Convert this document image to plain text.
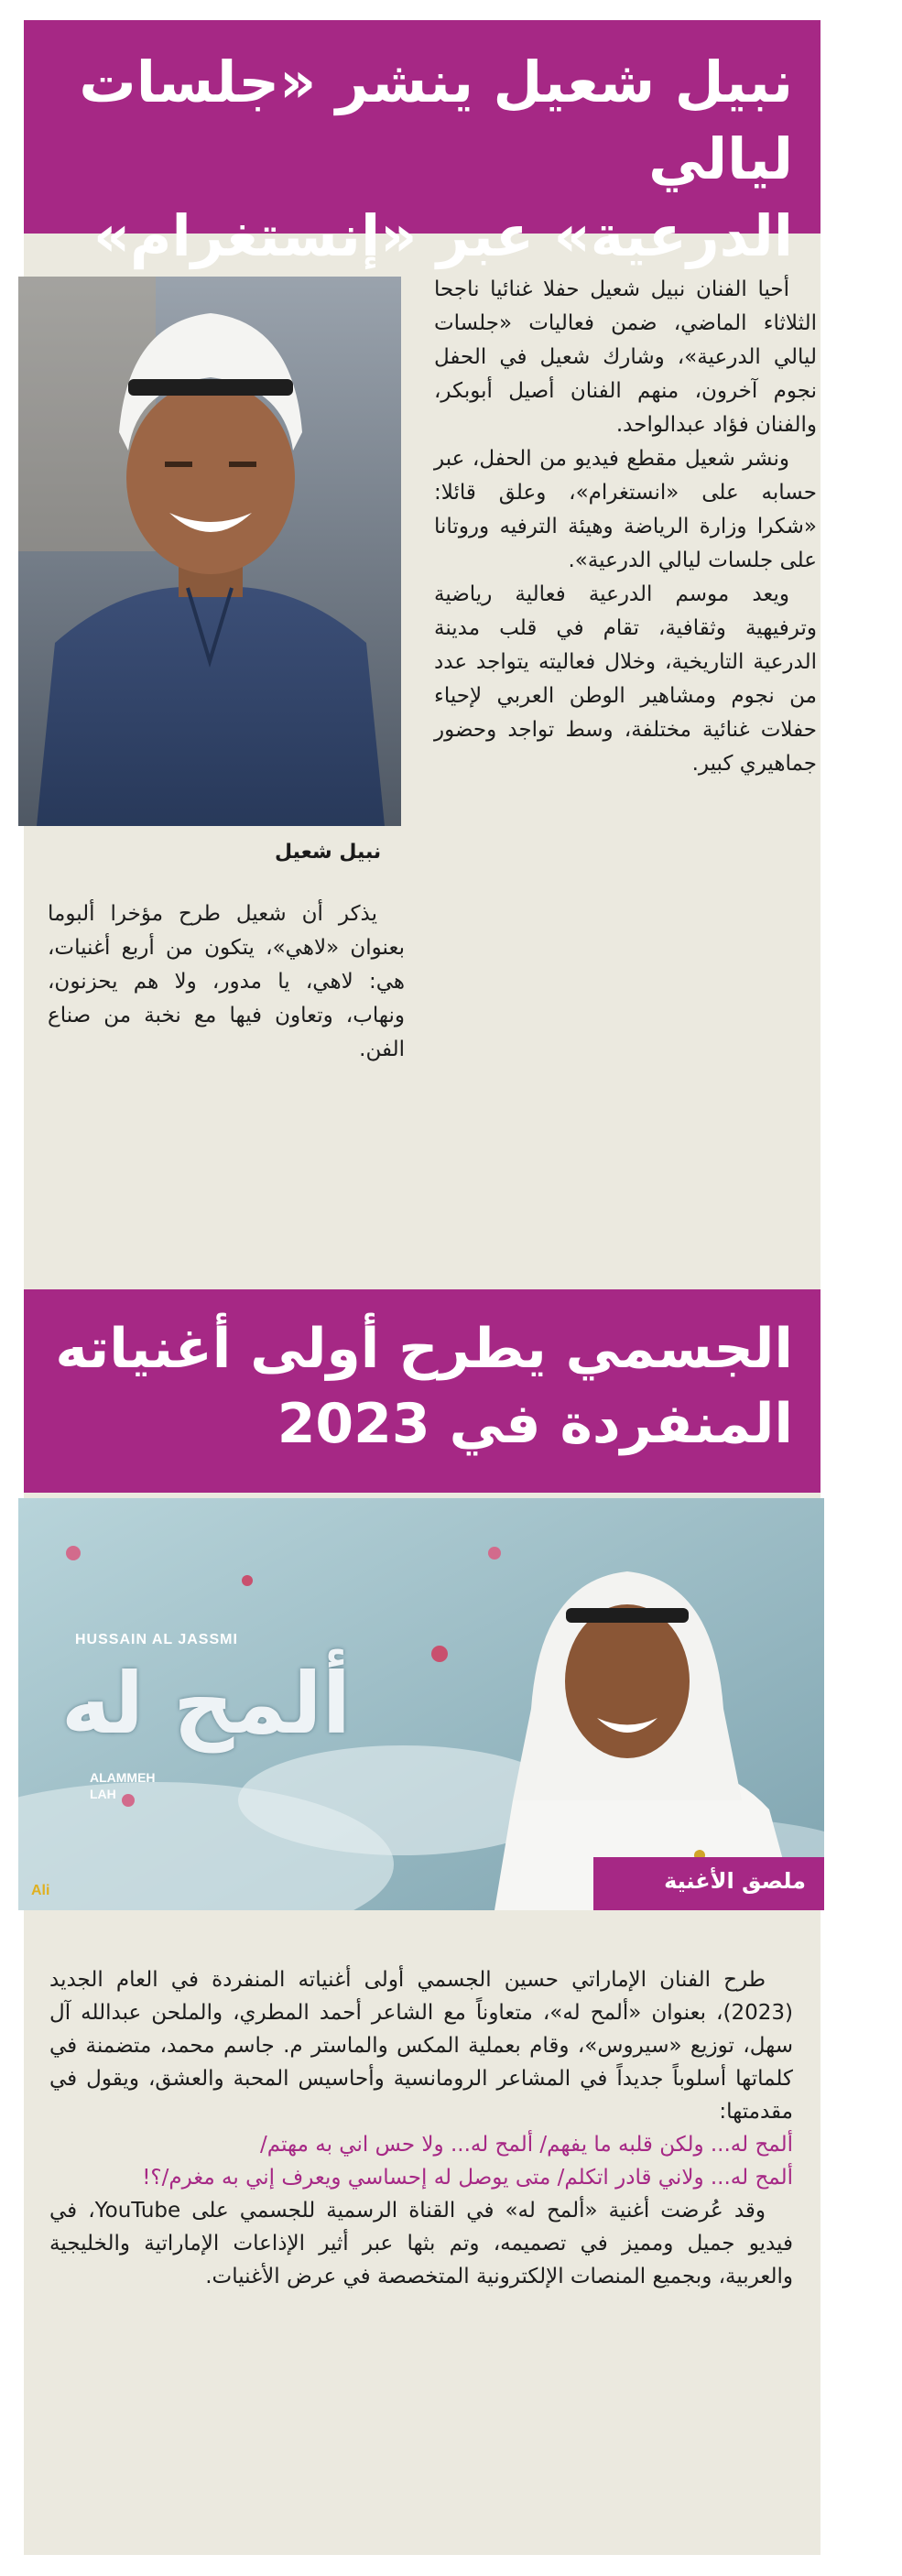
نبيل شعيل ينشر «جلسات ليالي
الدرعية» عبر «إنستغرام»
نبيل شعيل

أحيا الفنان نبيل شعيل حفلا غنائيا ناجحا الثلاثاء الماضي، ضمن فعاليات «جلسات ليالي الدرعية»، وشارك شعيل في الحفل نجوم آخرون، منهم الفنان أصيل أبوبكر، والفنان فؤاد عبدالواحد.

ونشر شعيل مقطع فيديو من الحفل، عبر حسابه على «انستغرام»، وعلق قائلا: «شكرا وزارة الرياضة وهيئة الترفيه وروتانا على جلسات ليالي الدرعية».

ويعد موسم الدرعية فعالية رياضية وترفيهية وثقافية، تقام في قلب مدينة الدرعية التاريخية، وخلال فعاليته يتواجد عدد من نجوم ومشاهير الوطن العربي لإحياء حفلات غنائية مختلفة، وسط تواجد وحضور جماهيري كبير.

يذكر أن شعيل طرح مؤخرا ألبوما بعنوان «لاهي»، يتكون من أربع أغنيات، هي: لاهي، يا مدور، ولا هم يحزنون، ونهاب، وتعاون فيها مع نخبة من صناع الفن.

الجسمي يطرح أولى أغنياته
المنفردة في 2023
HUSSAIN AL JASSMI
ألمح له
ALAMMEH
LAH
Ali	ملصق الأغنية

طرح الفنان الإماراتي حسين الجسمي أولى أغنياته المنفردة في العام الجديد (2023)، بعنوان «ألمح له»، متعاوناً مع الشاعر أحمد المطري، والملحن عبدالله آل سهل، توزيع «سيروس»، وقام بعملية المكس والماستر م. جاسم محمد، متضمنة في كلماتها أسلوباً جديداً في المشاعر الرومانسية وأحاسيس المحبة والعشق، ويقول في مقدمتها:

ألمح له... ولكن قلبه ما يفهم/ ألمح له... ولا حس اني به مهتم/

ألمح له... ولاني قادر اتكلم/ متى يوصل له إحساسي ويعرف إني به مغرم/؟!

وقد عُرضت أغنية «ألمح له» في القناة الرسمية للجسمي على YouTube، في فيديو جميل ومميز في تصميمه، وتم بثها عبر أثير الإذاعات الإماراتية والخليجية والعربية، وبجميع المنصات الإلكترونية المتخصصة في عرض الأغنيات.
